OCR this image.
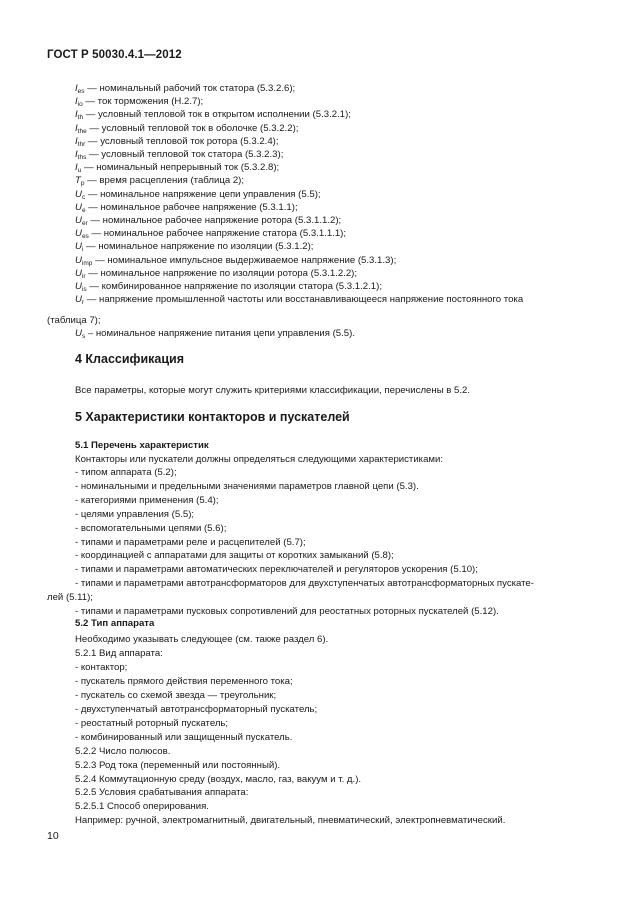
ГОСТ Р 50030.4.1—2012
$I_{es}$ — номинальный рабочий ток статора (5.3.2.6);
$I_{io}$ — ток торможения (Н.2.7);
$I_{th}$ — условный тепловой ток в открытом исполнении (5.3.2.1);
$I_{the}$ — условный тепловой ток в оболочке (5.3.2.2);
$I_{thr}$ — условный тепловой ток ротора (5.3.2.4);
$I_{ths}$ — условный тепловой ток статора (5.3.2.3);
$I_u$ — номинальный непрерывный ток (5.3.2.8);
$T_p$ — время расцепления (таблица 2);
$U_c$ — номинальное напряжение цепи управления (5.5);
$U_e$ — номинальное рабочее напряжение (5.3.1.1);
$U_{er}$ — номинальное рабочее напряжение ротора (5.3.1.1.2);
$U_{es}$ — номинальное рабочее напряжение статора (5.3.1.1.1);
$U_i$ — номинальное напряжение по изоляции (5.3.1.2);
$U_{imp}$ — номинальное импульсное выдерживаемое напряжение (5.3.1.3);
$U_{ir}$ — номинальное напряжение по изоляции ротора (5.3.1.2.2);
$U_{is}$ — комбинированное напряжение по изоляции статора (5.3.1.2.1);
$U_r$ — напряжение промышленной частоты или восстанавливающееся напряжение постоянного тока
(таблица 7);
$U_s$ – номинальное напряжение питания цепи управления (5.5).
4 Классификация
Все параметры, которые могут служить критериями классификации, перечислены в 5.2.
5 Характеристики контакторов и пускателей
5.1 Перечень характеристик
Контакторы или пускатели должны определяться следующими характеристиками:
- типом аппарата (5.2);
- номинальными и предельными значениями параметров главной цепи (5.3).
- категориями применения (5.4);
- целями управления (5.5);
- вспомогательными цепями (5.6);
- типами и параметрами реле и расцепителей (5.7);
- координацией с аппаратами для защиты от коротких замыканий (5.8);
- типами и параметрами автоматических переключателей и регуляторов ускорения (5.10);
- типами и параметрами автотрансформаторов для двухступенчатых автотрансформаторных пускате-
лей (5.11);
- типами и параметрами пусковых сопротивлений для реостатных роторных пускателей (5.12).
5.2 Тип аппарата
Необходимо указывать следующее (см. также раздел 6).
5.2.1 Вид аппарата:
- контактор;
- пускатель прямого действия переменного тока;
- пускатель со схемой звезда — треугольник;
- двухступенчатый автотрансформаторный пускатель;
- реостатный роторный пускатель;
- комбинированный или защищенный пускатель.
5.2.2 Число полюсов.
5.2.3 Род тока (переменный или постоянный).
5.2.4 Коммутационную среду (воздух, масло, газ, вакуум и т. д.).
5.2.5 Условия срабатывания аппарата:
5.2.5.1 Способ оперирования.
Например: ручной, электромагнитный, двигательный, пневматический, электропневматический.
10
